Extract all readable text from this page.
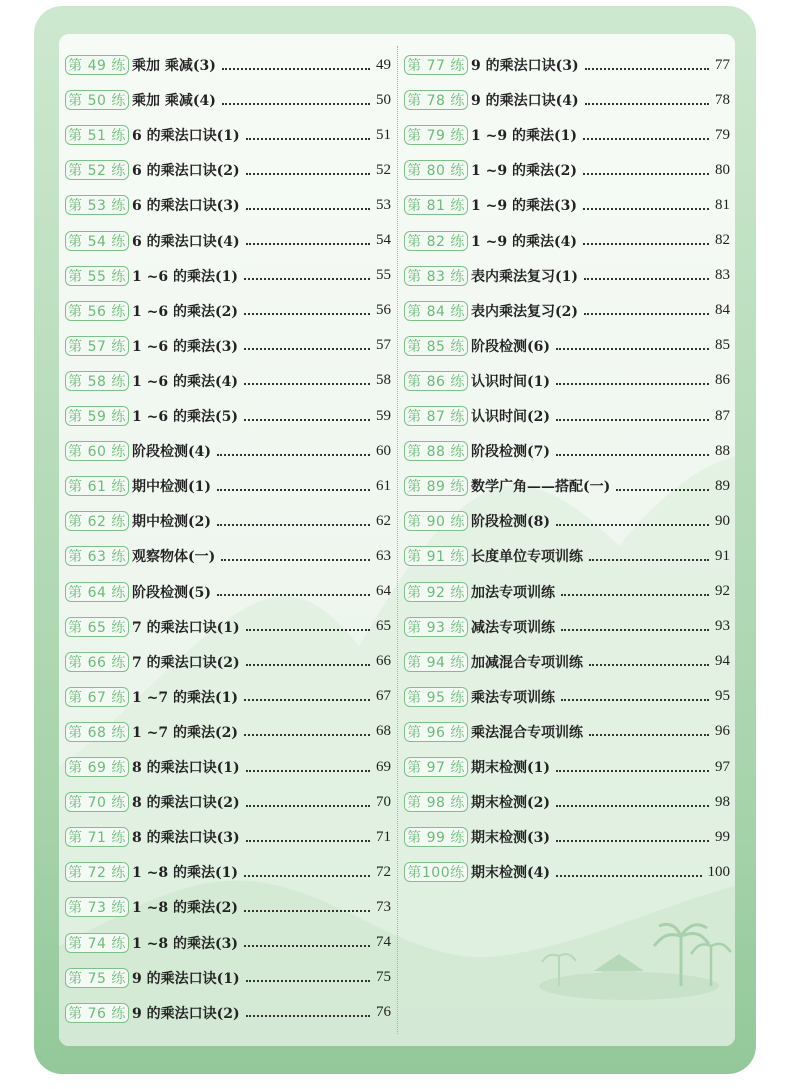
第 49 练 乘加 乘减(3)	49
第 50 练 乘加 乘减(4)	50
第 51 练 6 的乘法口诀(1)	51
第 52 练 6 的乘法口诀(2)	52
第 53 练 6 的乘法口诀(3)	53
第 54 练 6 的乘法口诀(4)	54
第 55 练 1 ~6 的乘法(1)	55
第 56 练 1 ~6 的乘法(2)	56
第 57 练 1 ~6 的乘法(3)	57
第 58 练 1 ~6 的乘法(4)	58
第 59 练 1 ~6 的乘法(5)	59
第 60 练 阶段检测(4)	60
第 61 练 期中检测(1)	61
第 62 练 期中检测(2)	62
第 63 练 观察物体(一)	63
第 64 练 阶段检测(5)	64
第 65 练 7 的乘法口诀(1)	65
第 66 练 7 的乘法口诀(2)	66
第 67 练 1 ~7 的乘法(1)	67
第 68 练 1 ~7 的乘法(2)	68
第 69 练 8 的乘法口诀(1)	69
第 70 练 8 的乘法口诀(2)	70
第 71 练 8 的乘法口诀(3)	71
第 72 练 1 ~8 的乘法(1)	72
第 73 练 1 ~8 的乘法(2)	73
第 74 练 1 ~8 的乘法(3)	74
第 75 练 9 的乘法口诀(1)	75
第 76 练 9 的乘法口诀(2)	76
第 77 练 9 的乘法口诀(3)	77
第 78 练 9 的乘法口诀(4)	78
第 79 练 1 ~9 的乘法(1)	79
第 80 练 1 ~9 的乘法(2)	80
第 81 练 1 ~9 的乘法(3)	81
第 82 练 1 ~9 的乘法(4)	82
第 83 练 表内乘法复习(1)	83
第 84 练 表内乘法复习(2)	84
第 85 练 阶段检测(6)	85
第 86 练 认识时间(1)	86
第 87 练 认识时间(2)	87
第 88 练 阶段检测(7)	88
第 89 练 数学广角——搭配(一)	89
第 90 练 阶段检测(8)	90
第 91 练 长度单位专项训练	91
第 92 练 加法专项训练	92
第 93 练 减法专项训练	93
第 94 练 加减混合专项训练	94
第 95 练 乘法专项训练	95
第 96 练 乘法混合专项训练	96
第 97 练 期末检测(1)	97
第 98 练 期末检测(2)	98
第 99 练 期末检测(3)	99
第100练 期末检测(4)	100
